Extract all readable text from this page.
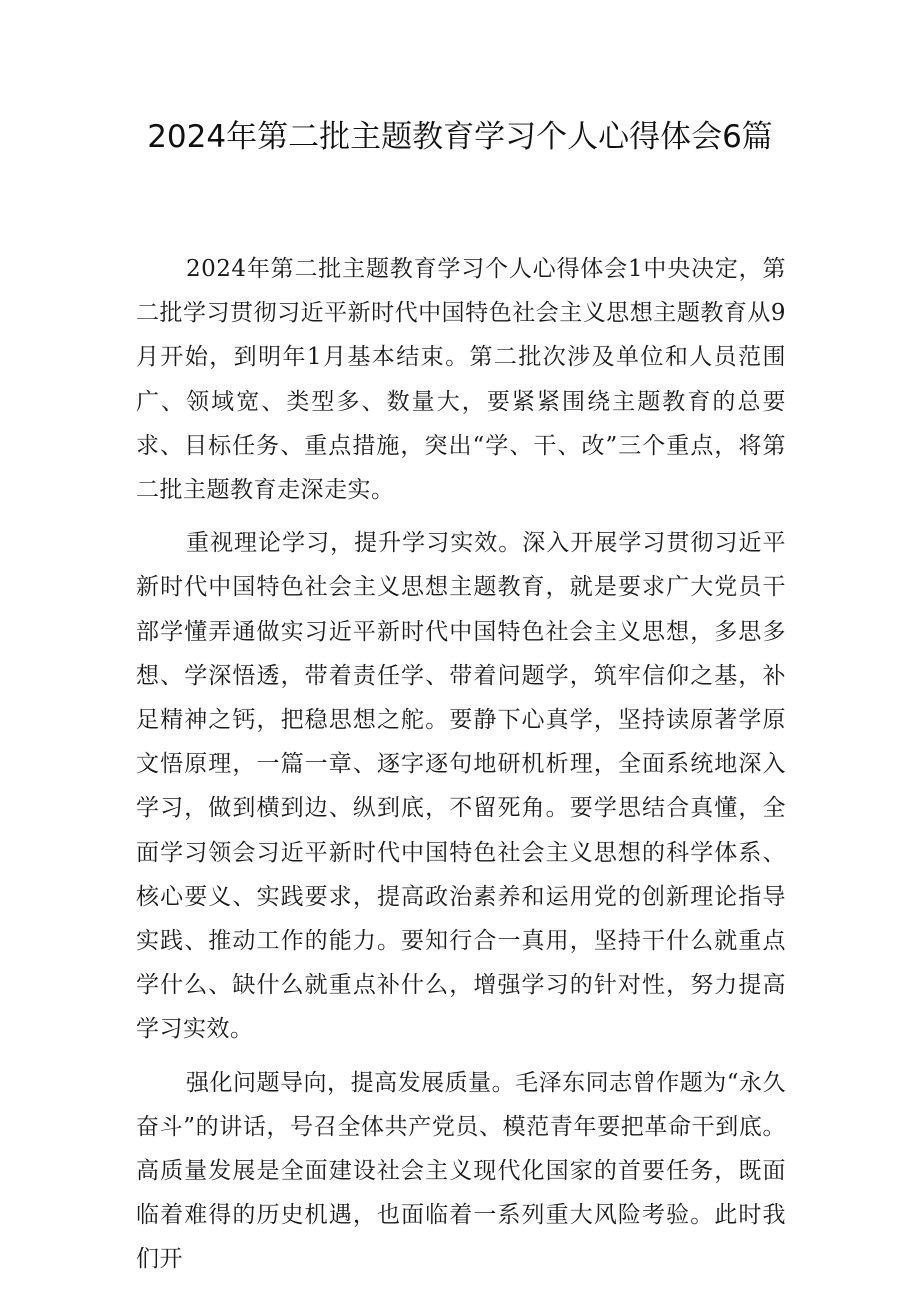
2024年第二批主题教育学习个人心得体会6篇

2024年第二批主题教育学习个人心得体会1中央决定，第二批学习贯彻习近平新时代中国特色社会主义思想主题教育从9月开始，到明年1月基本结束。第二批次涉及单位和人员范围广、领域宽、类型多、数量大，要紧紧围绕主题教育的总要求、目标任务、重点措施，突出“学、干、改”三个重点，将第二批主题教育走深走实。

重视理论学习，提升学习实效。深入开展学习贯彻习近平新时代中国特色社会主义思想主题教育，就是要求广大党员干部学懂弄通做实习近平新时代中国特色社会主义思想，多思多想、学深悟透，带着责任学、带着问题学，筑牢信仰之基，补足精神之钙，把稳思想之舵。要静下心真学，坚持读原著学原文悟原理，一篇一章、逐字逐句地研机析理，全面系统地深入学习，做到横到边、纵到底，不留死角。要学思结合真懂，全面学习领会习近平新时代中国特色社会主义思想的科学体系、核心要义、实践要求，提高政治素养和运用党的创新理论指导实践、推动工作的能力。要知行合一真用，坚持干什么就重点学什么、缺什么就重点补什么，增强学习的针对性，努力提高学习实效。

强化问题导向，提高发展质量。毛泽东同志曾作题为“永久奋斗”的讲话，号召全体共产党员、模范青年要把革命干到底。高质量发展是全面建设社会主义现代化国家的首要任务，既面临着难得的历史机遇，也面临着一系列重大风险考验。此时我们开
